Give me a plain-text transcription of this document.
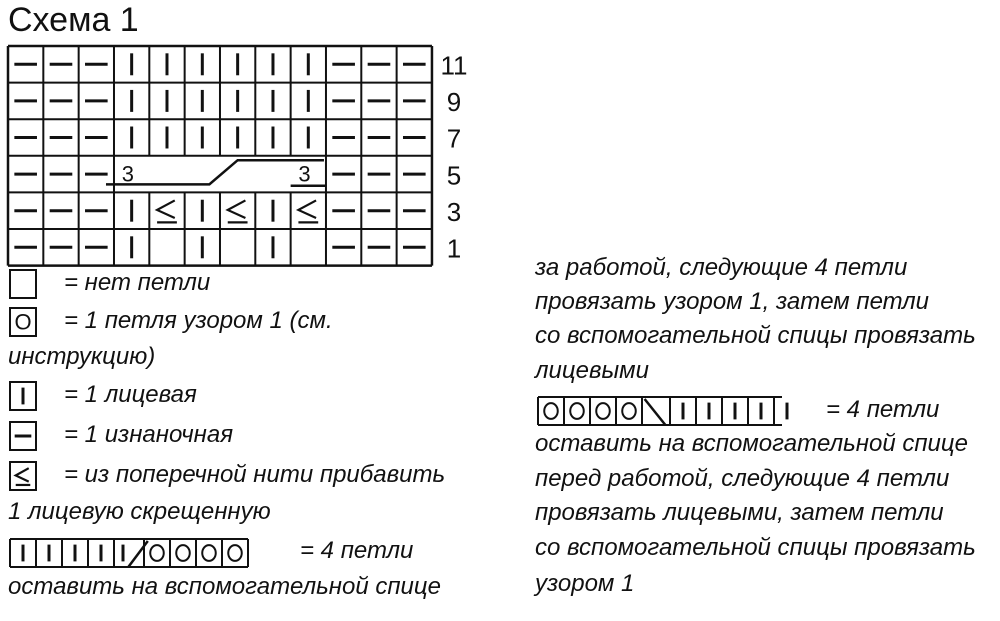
Схема 1
11
9
7
5
3
1
3	3
O
= нет петли
= 1 петля узором 1 (см.
инструкцию)
= 1 лицевая
= 1 изнаночная
= из поперечной нити прибавить
1 лицевую скрещенную
= 4 петли
оставить на вспомогательной спице
за работой, следующие 4 петли
провязать узором 1, затем петли
со вспомогательной спицы провязать
лицевыми
= 4 петли
оставить на вспомогательной спице
перед работой, следующие 4 петли
провязать лицевыми, затем петли
со вспомогательной спицы провязать
узором 1
